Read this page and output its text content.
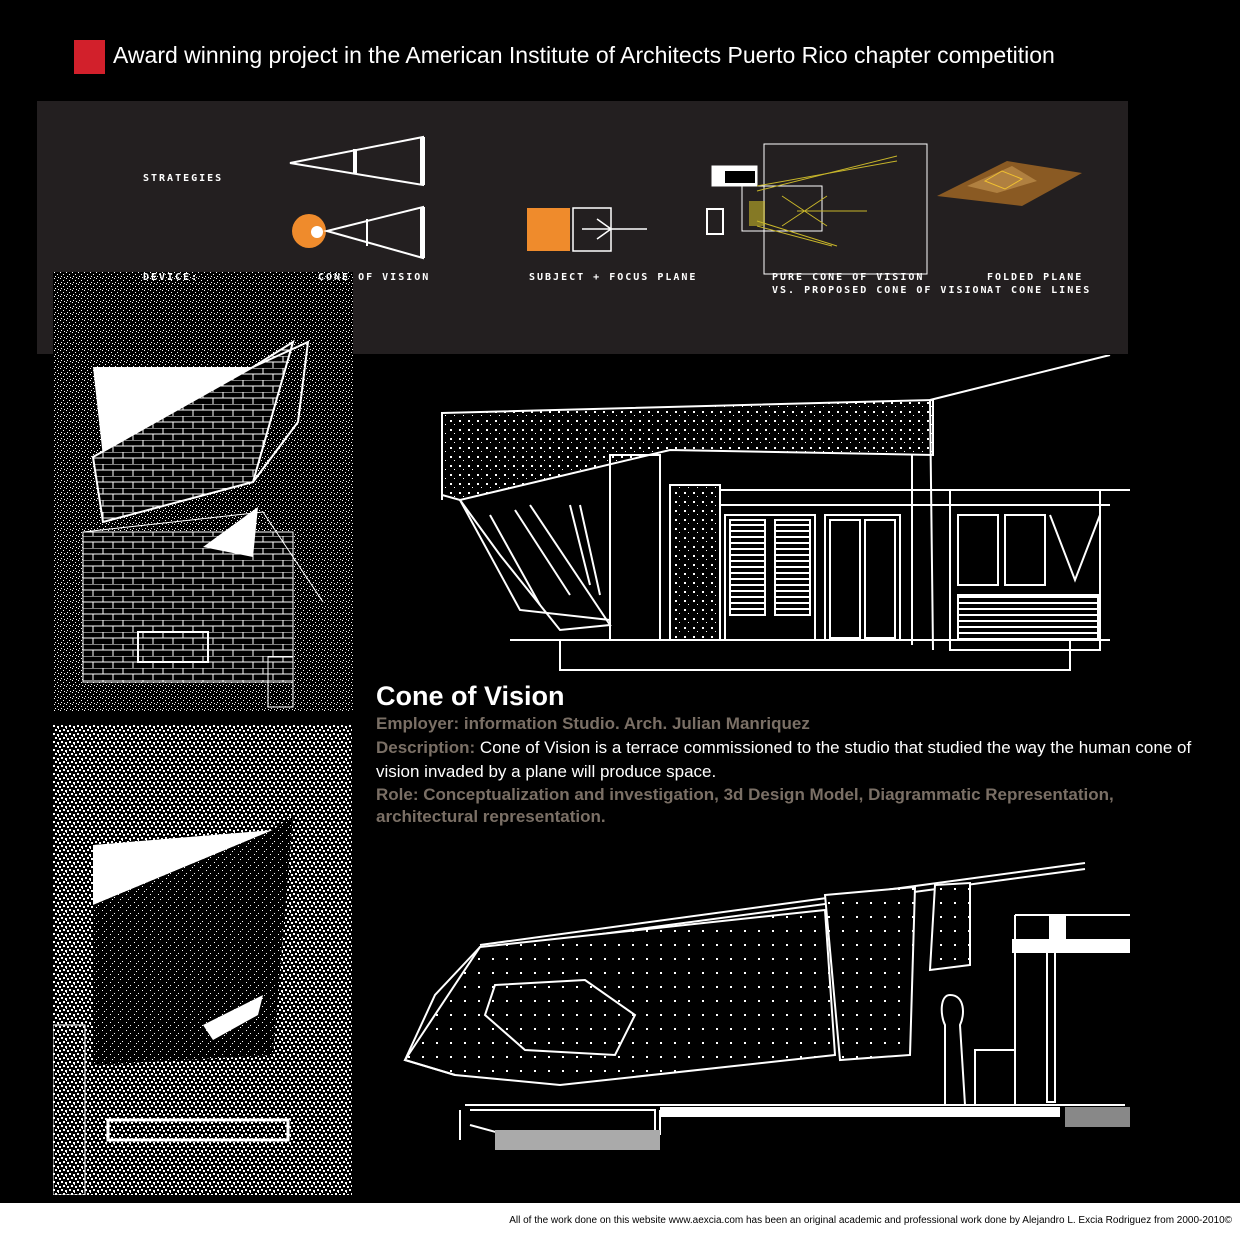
Award winning project in the American Institute of Architects Puerto Rico chapter competition
STRATEGIES
DEVICE:	CONE OF VISION	SUBJECT + FOCUS PLANE	PURE CONE OF VISION
VS. PROPOSED CONE OF VISION
FOLDED PLANE
AT CONE LINES
Cone of Vision
Employer: information Studio. Arch. Julian Manriquez
Description: Cone of Vision is a terrace commissioned to the studio that studied the way the human cone of vision invaded by a plane will produce space.
Role: Conceptualization and investigation, 3d Design Model, Diagrammatic Representation, architectural representation.
All of the work done on this website www.aexcia.com has been an original academic and professional work done by Alejandro L. Excia Rodriguez from 2000-2010©
